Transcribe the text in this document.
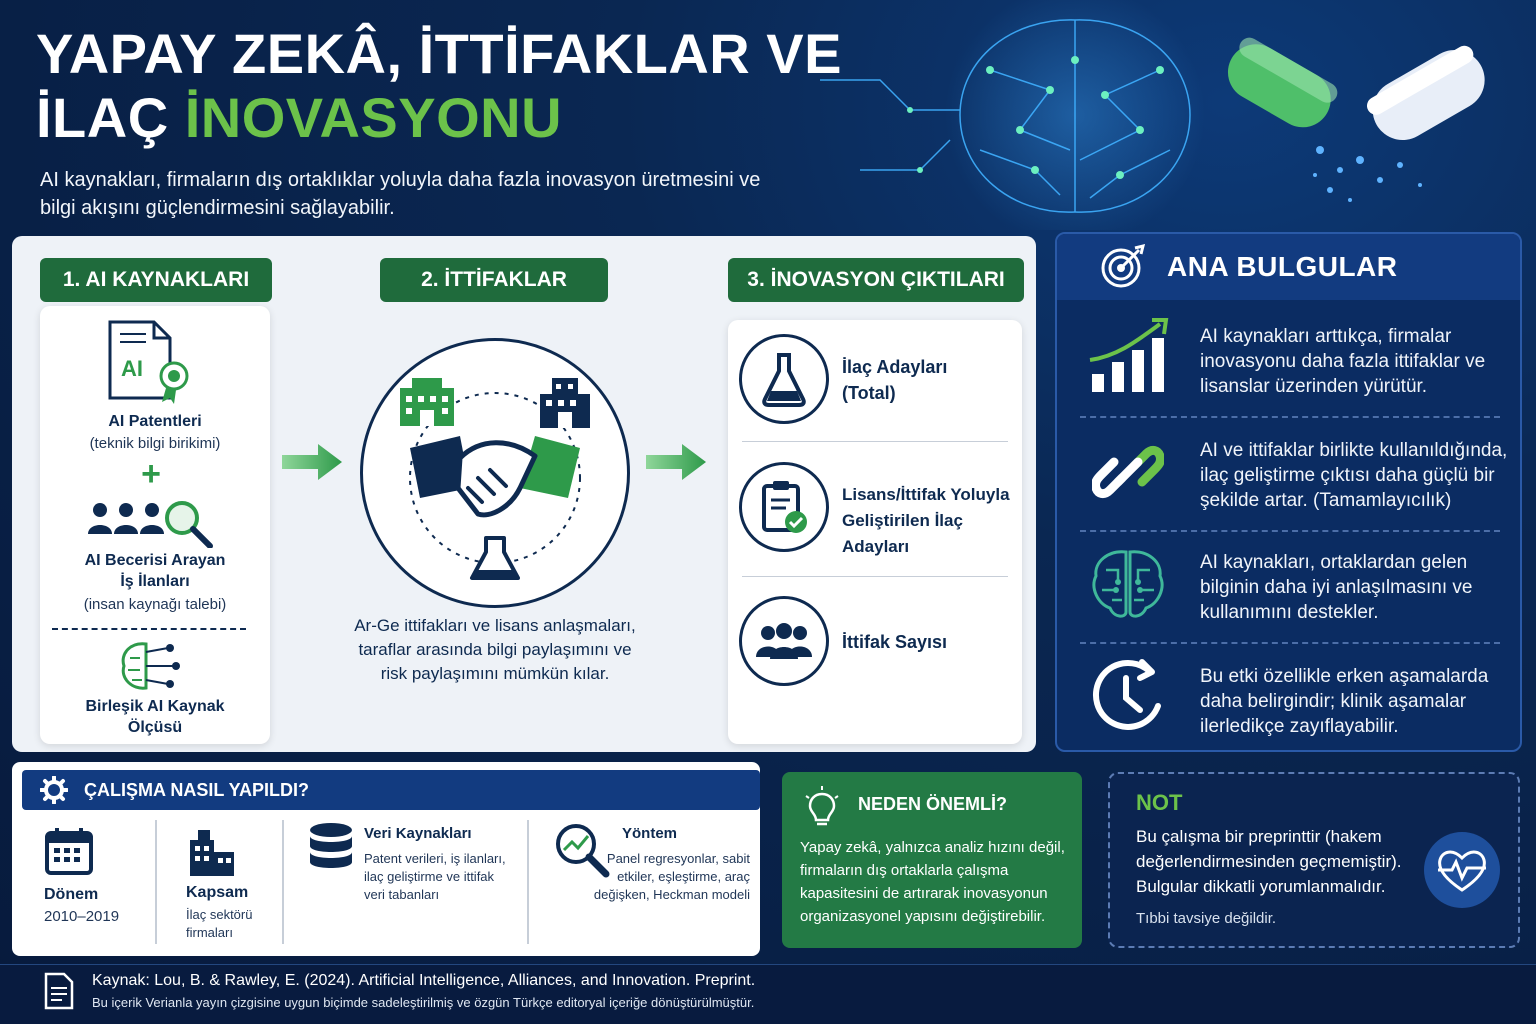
YAPAY ZEKÂ, İTTİFAKLAR VE
İLAÇ İNOVASYONU
AI kaynakları, firmaların dış ortaklıklar yoluyla daha fazla inovasyon üretmesini ve bilgi akışını güçlendirmesini sağlayabilir.
1. AI KAYNAKLARI	2. İTTİFAKLAR	3. İNOVASYON ÇIKTILARI
AI
AI Patentleri
(teknik bilgi birikimi)
+
AI Becerisi Arayan
İş İlanları
(insan kaynağı talebi)
Birleşik AI Kaynak
Ölçüsü
Ar-Ge ittifakları ve lisans anlaşmaları,
taraflar arasında bilgi paylaşımını ve
risk paylaşımını mümkün kılar.
İlaç Adayları
(Total)
Lisans/İttifak Yoluyla
Geliştirilen İlaç Adayları
İttifak Sayısı
ANA BULGULAR
AI kaynakları arttıkça, firmalar inovasyonu daha fazla ittifaklar ve lisanslar üzerinden yürütür.
AI ve ittifaklar birlikte kullanıldığında, ilaç geliştirme çıktısı daha güçlü bir şekilde artar. (Tamamlayıcılık)
AI kaynakları, ortaklardan gelen bilginin daha iyi anlaşılmasını ve kullanımını destekler.
Bu etki özellikle erken aşamalarda daha belirgindir; klinik aşamalar ilerledikçe zayıflayabilir.
ÇALIŞMA NASIL YAPILDI?
Dönem
2010–2019
Kapsam
İlaç sektörü
firmaları
Veri Kaynakları
Patent verileri, iş ilanları, ilaç geliştirme ve ittifak veri tabanları
Yöntem
Panel regresyonlar, sabit etkiler, eşleştirme, araç değişken, Heckman modeli
NEDEN ÖNEMLİ?
Yapay zekâ, yalnızca analiz hızını değil, firmaların dış ortaklarla çalışma kapasitesini de artırarak inovasyonun organizasyonel yapısını değiştirebilir.
NOT
Bu çalışma bir preprinttir (hakem değerlendirmesinden geçmemiştir). Bulgular dikkatli yorumlanmalıdır.
Tıbbi tavsiye değildir.
Kaynak: Lou, B. & Rawley, E. (2024). Artificial Intelligence, Alliances, and Innovation. Preprint.
Bu içerik Verianla yayın çizgisine uygun biçimde sadeleştirilmiş ve özgün Türkçe editoryal içeriğe dönüştürülmüştür.
